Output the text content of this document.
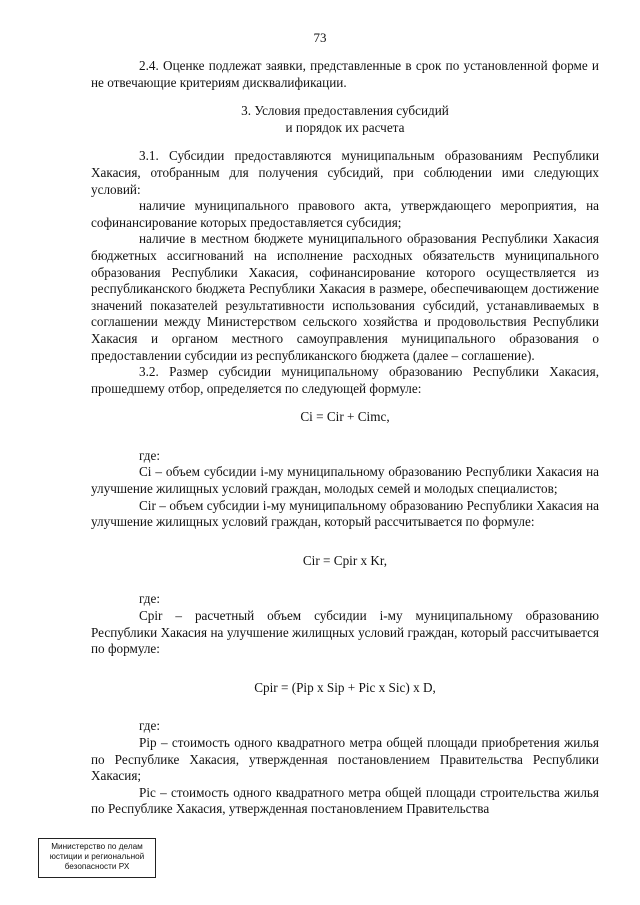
73

2.4. Оценке подлежат заявки, представленные в срок по установленной форме и не отвечающие критериям дисквалификации.

3. Условия предоставления субсидий

и порядок их расчета

3.1. Субсидии предоставляются муниципальным образованиям Республики Хакасия, отобранным для получения субсидий, при соблюдении ими следующих условий:

наличие муниципального правового акта, утверждающего мероприятия, на софинансирование которых предоставляется субсидия;

наличие в местном бюджете муниципального образования Республики Хакасия бюджетных ассигнований на исполнение расходных обязательств муниципального образования Республики Хакасия, софинансирование которого осуществляется из республиканского бюджета Республики Хакасия в размере, обеспечивающем достижение значений показателей результативности использования субсидий, устанавливаемых в соглашении между Министерством сельского хозяйства и продовольствия Республики Хакасия и органом местного самоуправления муниципального образования о предоставлении субсидии из республиканского бюджета (далее – соглашение).

3.2. Размер субсидии муниципальному образованию Республики Хакасия, прошедшему отбор, определяется по следующей формуле:

Ci = Cir + Cimc,

где:

Ci – объем субсидии i-му муниципальному образованию Республики Хакасия на улучшение жилищных условий граждан, молодых семей и молодых специалистов;

Cir – объем субсидии i-му муниципальному образованию Республики Хакасия на улучшение жилищных условий граждан, который рассчитывается по формуле:

Cir = Cpir x Kr,

где:

Cpir – расчетный объем субсидии i-му муниципальному образованию Республики Хакасия на улучшение жилищных условий граждан, который рассчитывается по формуле:

Cpir = (Pip x Sip + Pic x Sic) x D,

где:

Pip – стоимость одного квадратного метра общей площади приобретения жилья по Республике Хакасия, утвержденная постановлением Правительства Республики Хакасия;

Pic – стоимость одного квадратного метра общей площади строительства жилья по Республике Хакасия, утвержденная постановлением Правительства

Министерство по делам
юстиции и региональной
безопасности РХ
